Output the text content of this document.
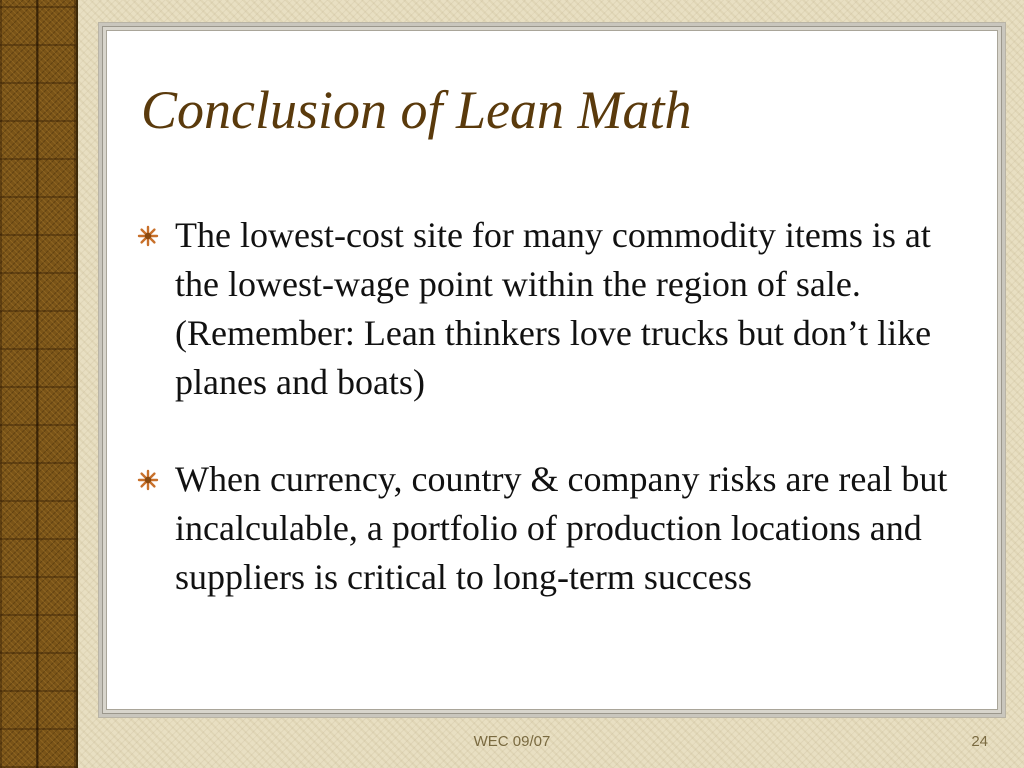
Conclusion of Lean Math
The lowest-cost site for many commodity items is at the lowest-wage point within the region of sale. (Remember: Lean thinkers love trucks but don’t like planes and boats)
When currency, country & company risks are real but incalculable, a portfolio of production locations and suppliers is critical to long-term success
WEC 09/07	24
